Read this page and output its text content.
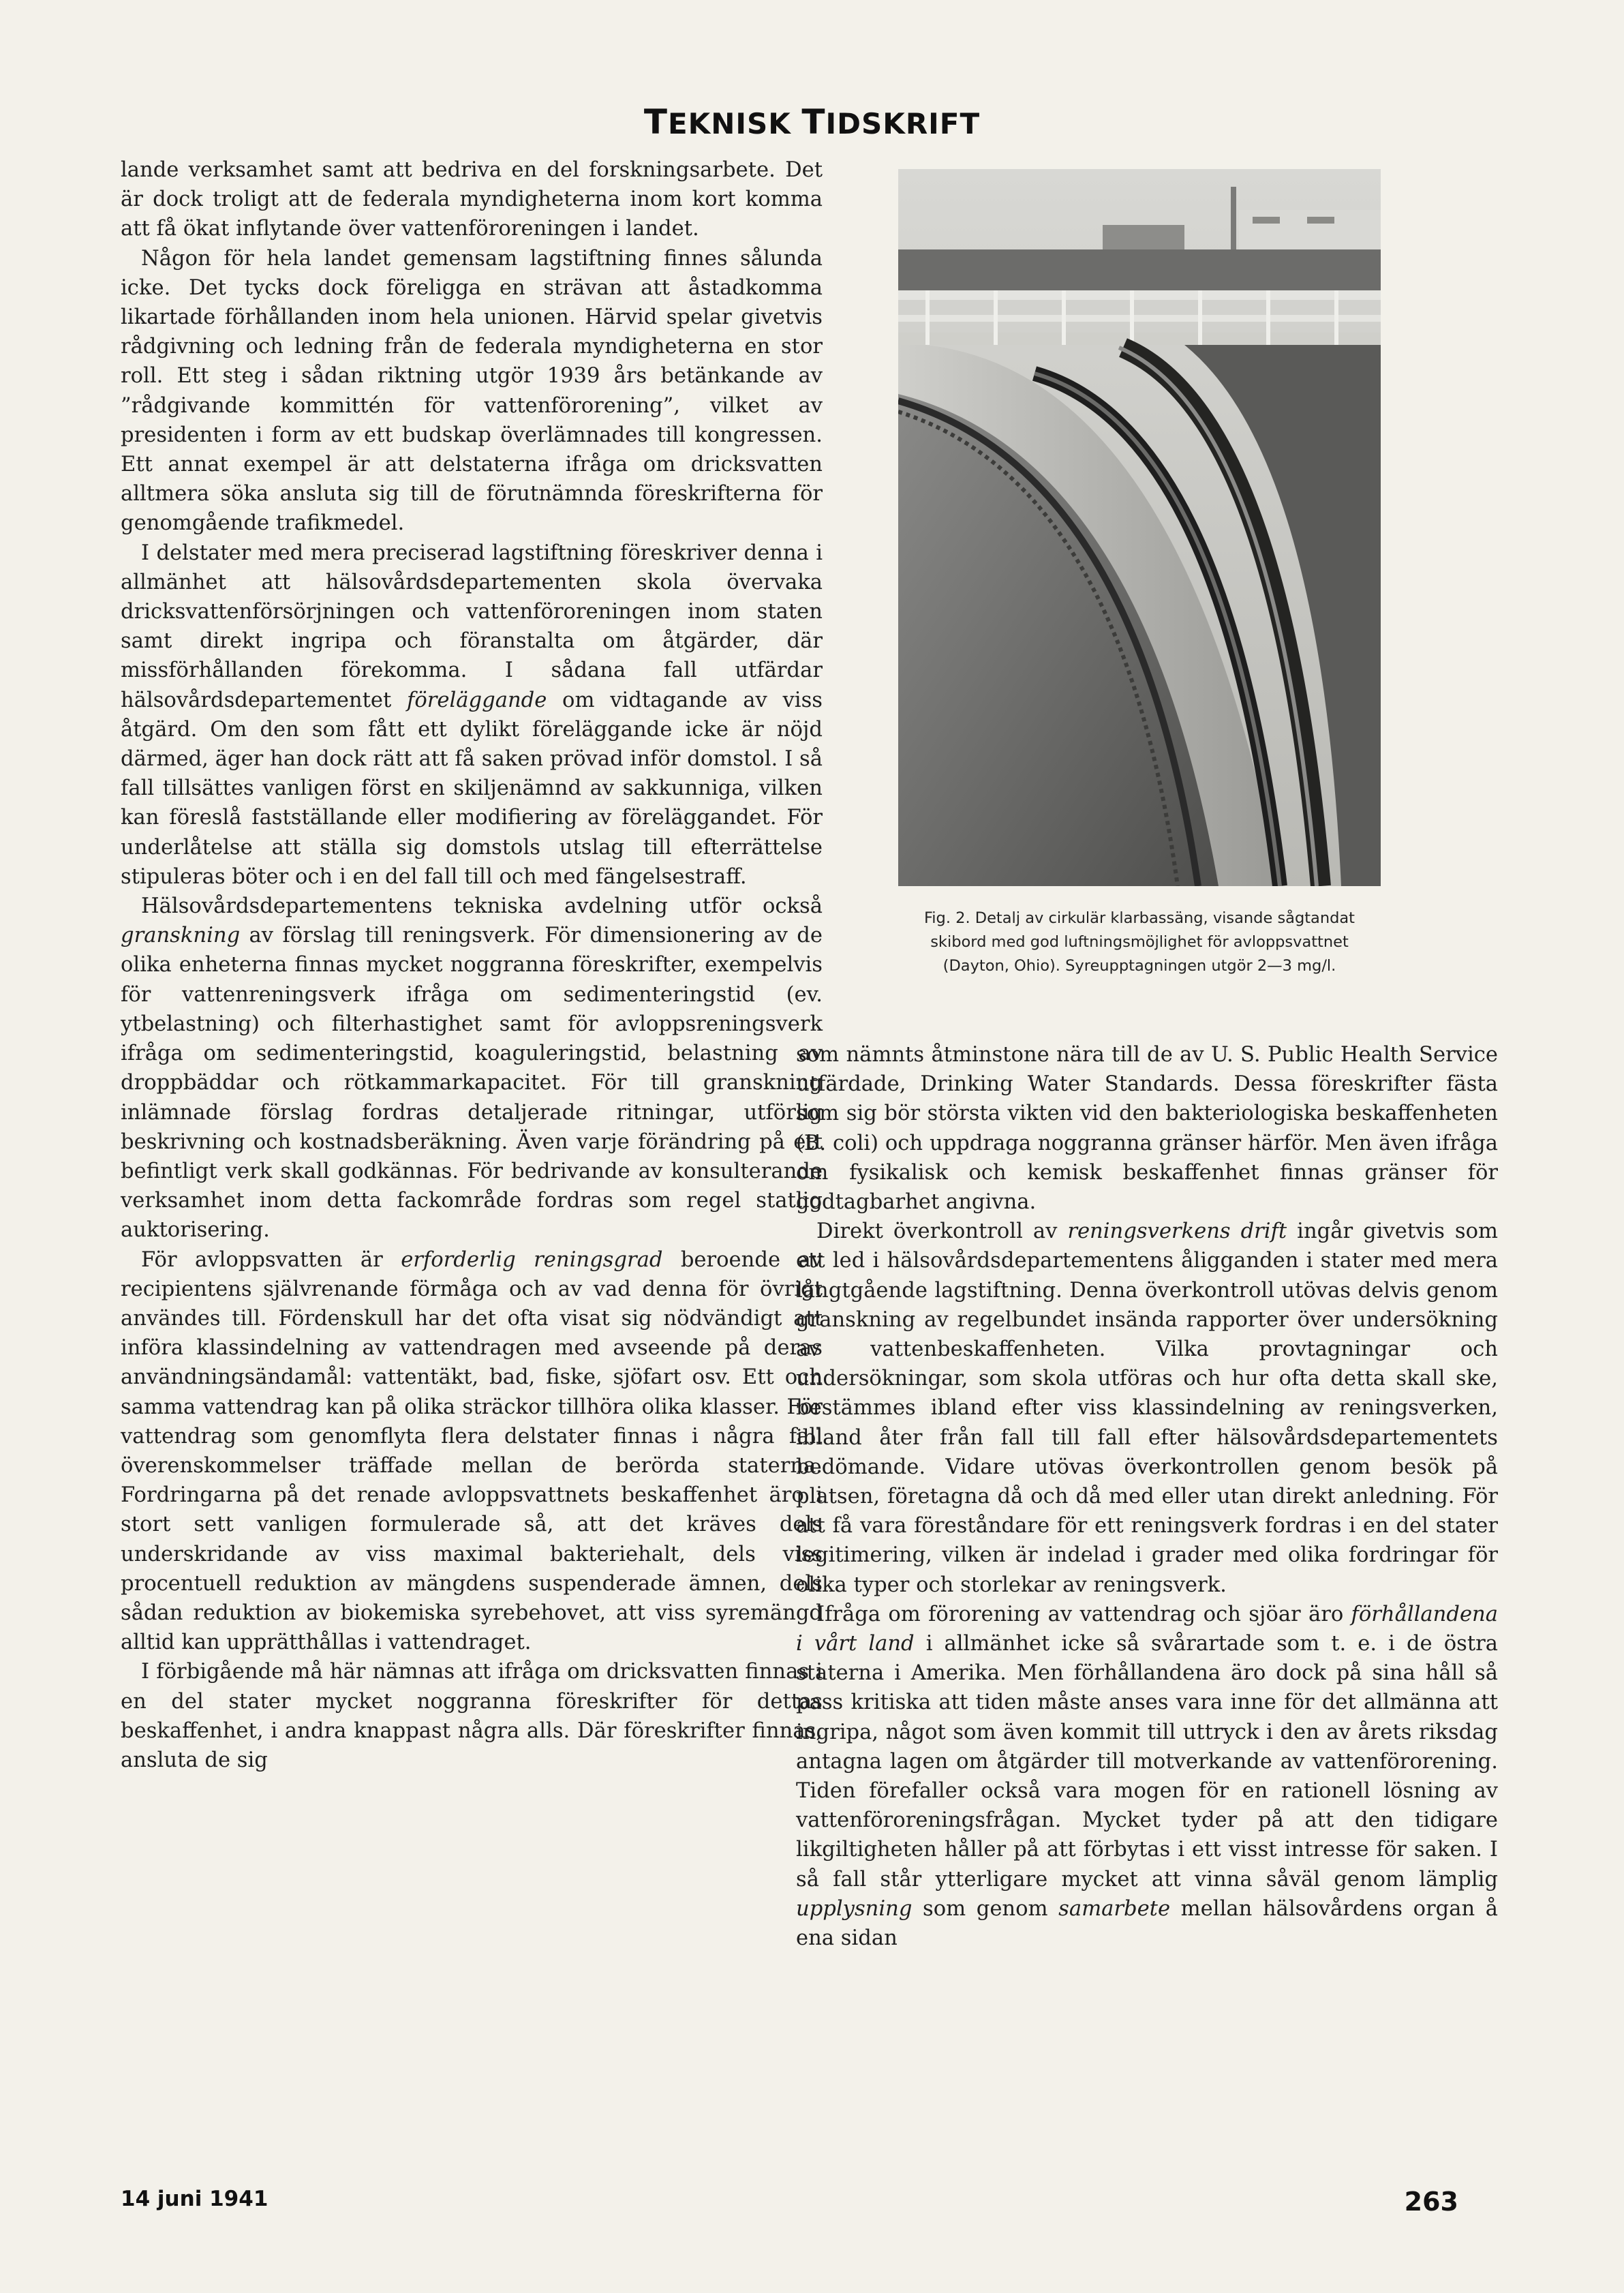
TEKNISK TIDSKRIFT

lande verksamhet samt att bedriva en del forskningsarbete. Det är dock troligt att de federala myndigheterna inom kort komma att få ökat inflytande över vattenföroreningen i landet.

Någon för hela landet gemensam lagstiftning finnes sålunda icke. Det tycks dock föreligga en strävan att åstadkomma likartade förhållanden inom hela unionen. Härvid spelar givetvis rådgivning och ledning från de federala myndigheterna en stor roll. Ett steg i sådan riktning utgör 1939 års betänkande av ”rådgivande kommittén för vattenförorening”, vilket av presidenten i form av ett budskap överlämnades till kongressen. Ett annat exempel är att delstaterna ifråga om dricksvatten alltmera söka ansluta sig till de förutnämnda föreskrifterna för genomgående trafikmedel.

I delstater med mera preciserad lagstiftning föreskriver denna i allmänhet att hälsovårdsdepartementen skola övervaka dricksvattenförsörjningen och vattenföroreningen inom staten samt direkt ingripa och föranstalta om åtgärder, där missförhållanden förekomma. I sådana fall utfärdar hälsovårdsdepartementet föreläggande om vidtagande av viss åtgärd. Om den som fått ett dylikt föreläggande icke är nöjd därmed, äger han dock rätt att få saken prövad inför domstol. I så fall tillsättes vanligen först en skiljenämnd av sakkunniga, vilken kan föreslå fastställande eller modifiering av föreläggandet. För underlåtelse att ställa sig domstols utslag till efterrättelse stipuleras böter och i en del fall till och med fängelsestraff.

Hälsovårdsdepartementens tekniska avdelning utför också granskning av förslag till reningsverk. För dimensionering av de olika enheterna finnas mycket noggranna föreskrifter, exempelvis för vattenreningsverk ifråga om sedimenteringstid (ev. ytbelastning) och filterhastighet samt för avloppsreningsverk ifråga om sedimenteringstid, koaguleringstid, belastning av droppbäddar och rötkammarkapacitet. För till granskning inlämnade förslag fordras detaljerade ritningar, utförlig beskrivning och kostnadsberäkning. Även varje förändring på ett befintligt verk skall godkännas. För bedrivande av konsulterande verksamhet inom detta fackområde fordras som regel statlig auktorisering.

För avloppsvatten är erforderlig reningsgrad beroende av recipientens självrenande förmåga och av vad denna för övrigt användes till. Fördenskull har det ofta visat sig nödvändigt att införa klassindelning av vattendragen med avseende på deras användningsändamål: vattentäkt, bad, fiske, sjöfart osv. Ett och samma vattendrag kan på olika sträckor tillhöra olika klasser. För vattendrag som genomflyta flera delstater finnas i några fall överenskommelser träffade mellan de berörda staterna. Fordringarna på det renade avloppsvattnets beskaffenhet äro i stort sett vanligen formulerade så, att det kräves dels underskridande av viss maximal bakteriehalt, dels viss procentuell reduktion av mängdens suspenderade ämnen, dels sådan reduktion av biokemiska syrebehovet, att viss syremängd alltid kan upprätthållas i vattendraget.

I förbigående må här nämnas att ifråga om dricksvatten finnas i en del stater mycket noggranna föreskrifter för dettas beskaffenhet, i andra knappast några alls. Där föreskrifter finnas, ansluta de sig

Fig. 2. Detalj av cirkulär klarbassäng, visande sågtandat skibord med god luftningsmöjlighet för avloppsvattnet (Dayton, Ohio). Syreupptagningen utgör 2—3 mg/l.

som nämnts åtminstone nära till de av U. S. Public Health Service utfärdade, Drinking Water Standards. Dessa föreskrifter fästa som sig bör största vikten vid den bakteriologiska beskaffenheten (B. coli) och uppdraga noggranna gränser härför. Men även ifråga om fysikalisk och kemisk beskaffenhet finnas gränser för godtagbarhet angivna.

Direkt överkontroll av reningsverkens drift ingår givetvis som ett led i hälsovårdsdepartementens åligganden i stater med mera långtgående lagstiftning. Denna överkontroll utövas delvis genom granskning av regelbundet insända rapporter över undersökning av vattenbeskaffenheten. Vilka provtagningar och undersökningar, som skola utföras och hur ofta detta skall ske, bestämmes ibland efter viss klassindelning av reningsverken, ibland åter från fall till fall efter hälsovårdsdepartementets bedömande. Vidare utövas överkontrollen genom besök på platsen, företagna då och då med eller utan direkt anledning. För att få vara föreståndare för ett reningsverk fordras i en del stater legitimering, vilken är indelad i grader med olika fordringar för olika typer och storlekar av reningsverk.

Ifråga om förorening av vattendrag och sjöar äro förhållandena i vårt land i allmänhet icke så svårartade som t. e. i de östra staterna i Amerika. Men förhållandena äro dock på sina håll så pass kritiska att tiden måste anses vara inne för det allmänna att ingripa, något som även kommit till uttryck i den av årets riksdag antagna lagen om åtgärder till motverkande av vattenförorening. Tiden förefaller också vara mogen för en rationell lösning av vattenföroreningsfrågan. Mycket tyder på att den tidigare likgiltigheten håller på att förbytas i ett visst intresse för saken. I så fall står ytterligare mycket att vinna såväl genom lämplig upplysning som genom samarbete mellan hälsovårdens organ å ena sidan

14 juni 1941	263
